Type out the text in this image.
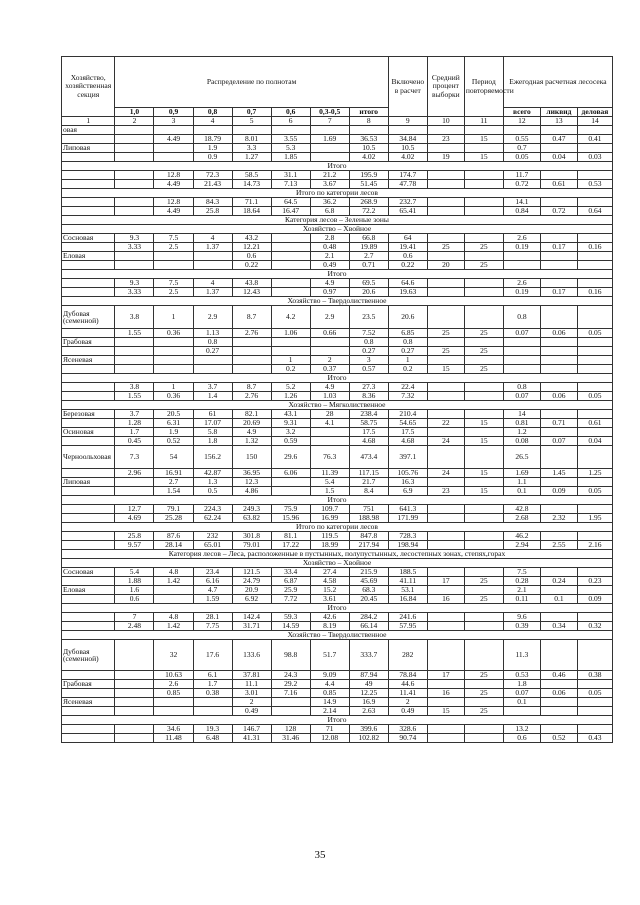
Хозяйство, хозяйственная секция	Распределение по полнотам							Включено в расчет	Средний процент выборки	Период повторяемости	Ежегодная расчетная лесосека		
	1,0	0,9	0,8	0,7	0,6	0,3-0,5	итого				всего	ликвид	деловая
1	2	3	4	5	6	7	8	9	10	11	12	13	14
овая													
		4.49	18.79	8.01	3.55	1.69	36.53	34.84	23	15	0.55	0.47	0.41
Липовая			1.9	3.3	5.3		10.5	10.5			0.7		
			0.9	1.27	1.85		4.02	4.02	19	15	0.05	0.04	0.03
Итого													
		12.8	72.3	58.5	31.1	21.2	195.9	174.7			11.7		
		4.49	21.43	14.73	7.13	3.67	51.45	47.78			0.72	0.61	0.53
Итого по категории лесов													
		12.8	84.3	71.1	64.5	36.2	268.9	232.7			14.1		
		4.49	25.8	18.64	16.47	6.8	72.2	65.41			0.84	0.72	0.64
Категория лесов – Зеленые зоны													
Хозяйство – Хвойное													
Сосновая	9.3	7.5	4	43.2		2.8	66.8	64			2.6		
	3.33	2.5	1.37	12.21		0.48	19.89	19.41	25	25	0.19	0.17	0.16
Еловая				0.6		2.1	2.7	0.6					
				0.22		0.49	0.71	0.22	20	25			
Итого													
	9.3	7.5	4	43.8		4.9	69.5	64.6			2.6		
	3.33	2.5	1.37	12.43		0.97	20.6	19.63			0.19	0.17	0.16
Хозяйство – Твердолиственное													
Дубовая (семенной)	3.8	1	2.9	8.7	4.2	2.9	23.5	20.6			0.8		
	1.55	0.36	1.13	2.76	1.06	0.66	7.52	6.85	25	25	0.07	0.06	0.05
Грабовая			0.8				0.8	0.8					
			0.27				0.27	0.27	25	25			
Ясеневая					1	2	3	1					
					0.2	0.37	0.57	0.2	15	25			
Итого													
	3.8	1	3.7	8.7	5.2	4.9	27.3	22.4			0.8		
	1.55	0.36	1.4	2.76	1.26	1.03	8.36	7.32			0.07	0.06	0.05
Хозяйство – Мягколиственное													
Березовая	3.7	20.5	61	82.1	43.1	28	238.4	210.4			14		
	1.28	6.31	17.07	20.69	9.31	4.1	58.75	54.65	22	15	0.81	0.71	0.61
Осиновая	1.7	1.9	5.8	4.9	3.2		17.5	17.5			1.2		
	0.45	0.52	1.8	1.32	0.59		4.68	4.68	24	15	0.08	0.07	0.04
Черноольховая	7.3	54	156.2	150	29.6	76.3	473.4	397.1			26.5		
	2.96	16.91	42.87	36.95	6.06	11.39	117.15	105.76	24	15	1.69	1.45	1.25
Липовая		2.7	1.3	12.3		5.4	21.7	16.3			1.1		
		1.54	0.5	4.86		1.5	8.4	6.9	23	15	0.1	0.09	0.05
Итого													
	12.7	79.1	224.3	249.3	75.9	109.7	751	641.3			42.8		
	4.69	25.28	62.24	63.82	15.96	16.99	188.98	171.99			2.68	2.32	1.95
Итого по категории лесов													
	25.8	87.6	232	301.8	81.1	119.5	847.8	728.3			46.2		
	9.57	28.14	65.01	79.01	17.22	18.99	217.94	198.94			2.94	2.55	2.16
Категория лесов – Леса, расположенные в пустынных, полупустынных, лесостепных зонах, степях,горах													
Хозяйство – Хвойное													
Сосновая	5.4	4.8	23.4	121.5	33.4	27.4	215.9	188.5			7.5		
	1.88	1.42	6.16	24.79	6.87	4.58	45.69	41.11	17	25	0.28	0.24	0.23
Еловая	1.6		4.7	20.9	25.9	15.2	68.3	53.1			2.1		
	0.6		1.59	6.92	7.72	3.61	20.45	16.84	16	25	0.11	0.1	0.09
Итого													
	7	4.8	28.1	142.4	59.3	42.6	284.2	241.6			9.6		
	2.48	1.42	7.75	31.71	14.59	8.19	66.14	57.95			0.39	0.34	0.32
Хозяйство – Твердолиственное													
Дубовая (семенной)		32	17.6	133.6	98.8	51.7	333.7	282			11.3		
		10.63	6.1	37.81	24.3	9.09	87.94	78.84	17	25	0.53	0.46	0.38
Грабовая		2.6	1.7	11.1	29.2	4.4	49	44.6			1.8		
		0.85	0.38	3.01	7.16	0.85	12.25	11.41	16	25	0.07	0.06	0.05
Ясеневая				2		14.9	16.9	2			0.1		
				0.49		2.14	2.63	0.49	15	25			
Итого													
		34.6	19.3	146.7	128	71	399.6	328.6			13.2		
		11.48	6.48	41.31	31.46	12.08	102.82	90.74			0.6	0.52	0.43
35
